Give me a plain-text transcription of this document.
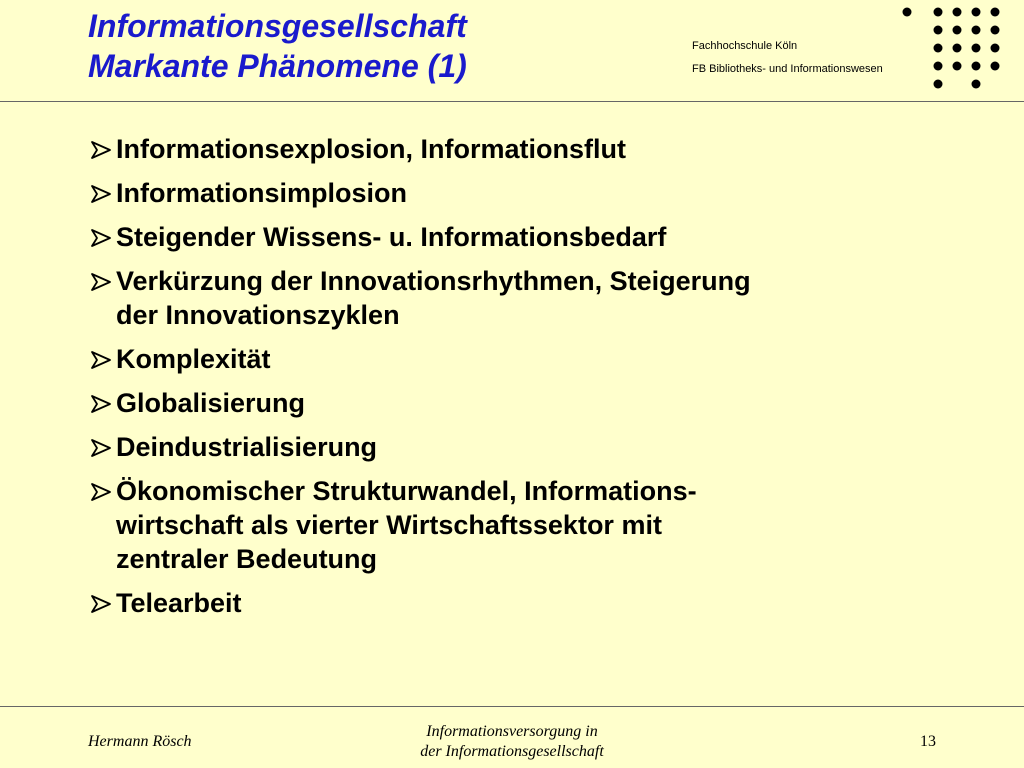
Informationsgesellschaft
Markante Phänomene (1)
Fachhochschule Köln
FB Bibliotheks- und Informationswesen
Informationsexplosion, Informationsflut
Informationsimplosion
Steigender Wissens- u. Informationsbedarf
Verkürzung der Innovationsrhythmen, Steigerung
der Innovationszyklen
Komplexität
Globalisierung
Deindustrialisierung
Ökonomischer Strukturwandel, Informations-
wirtschaft als vierter Wirtschaftssektor mit
zentraler Bedeutung
Telearbeit
Hermann Rösch
Informationsversorgung in
der Informationsgesellschaft
13
